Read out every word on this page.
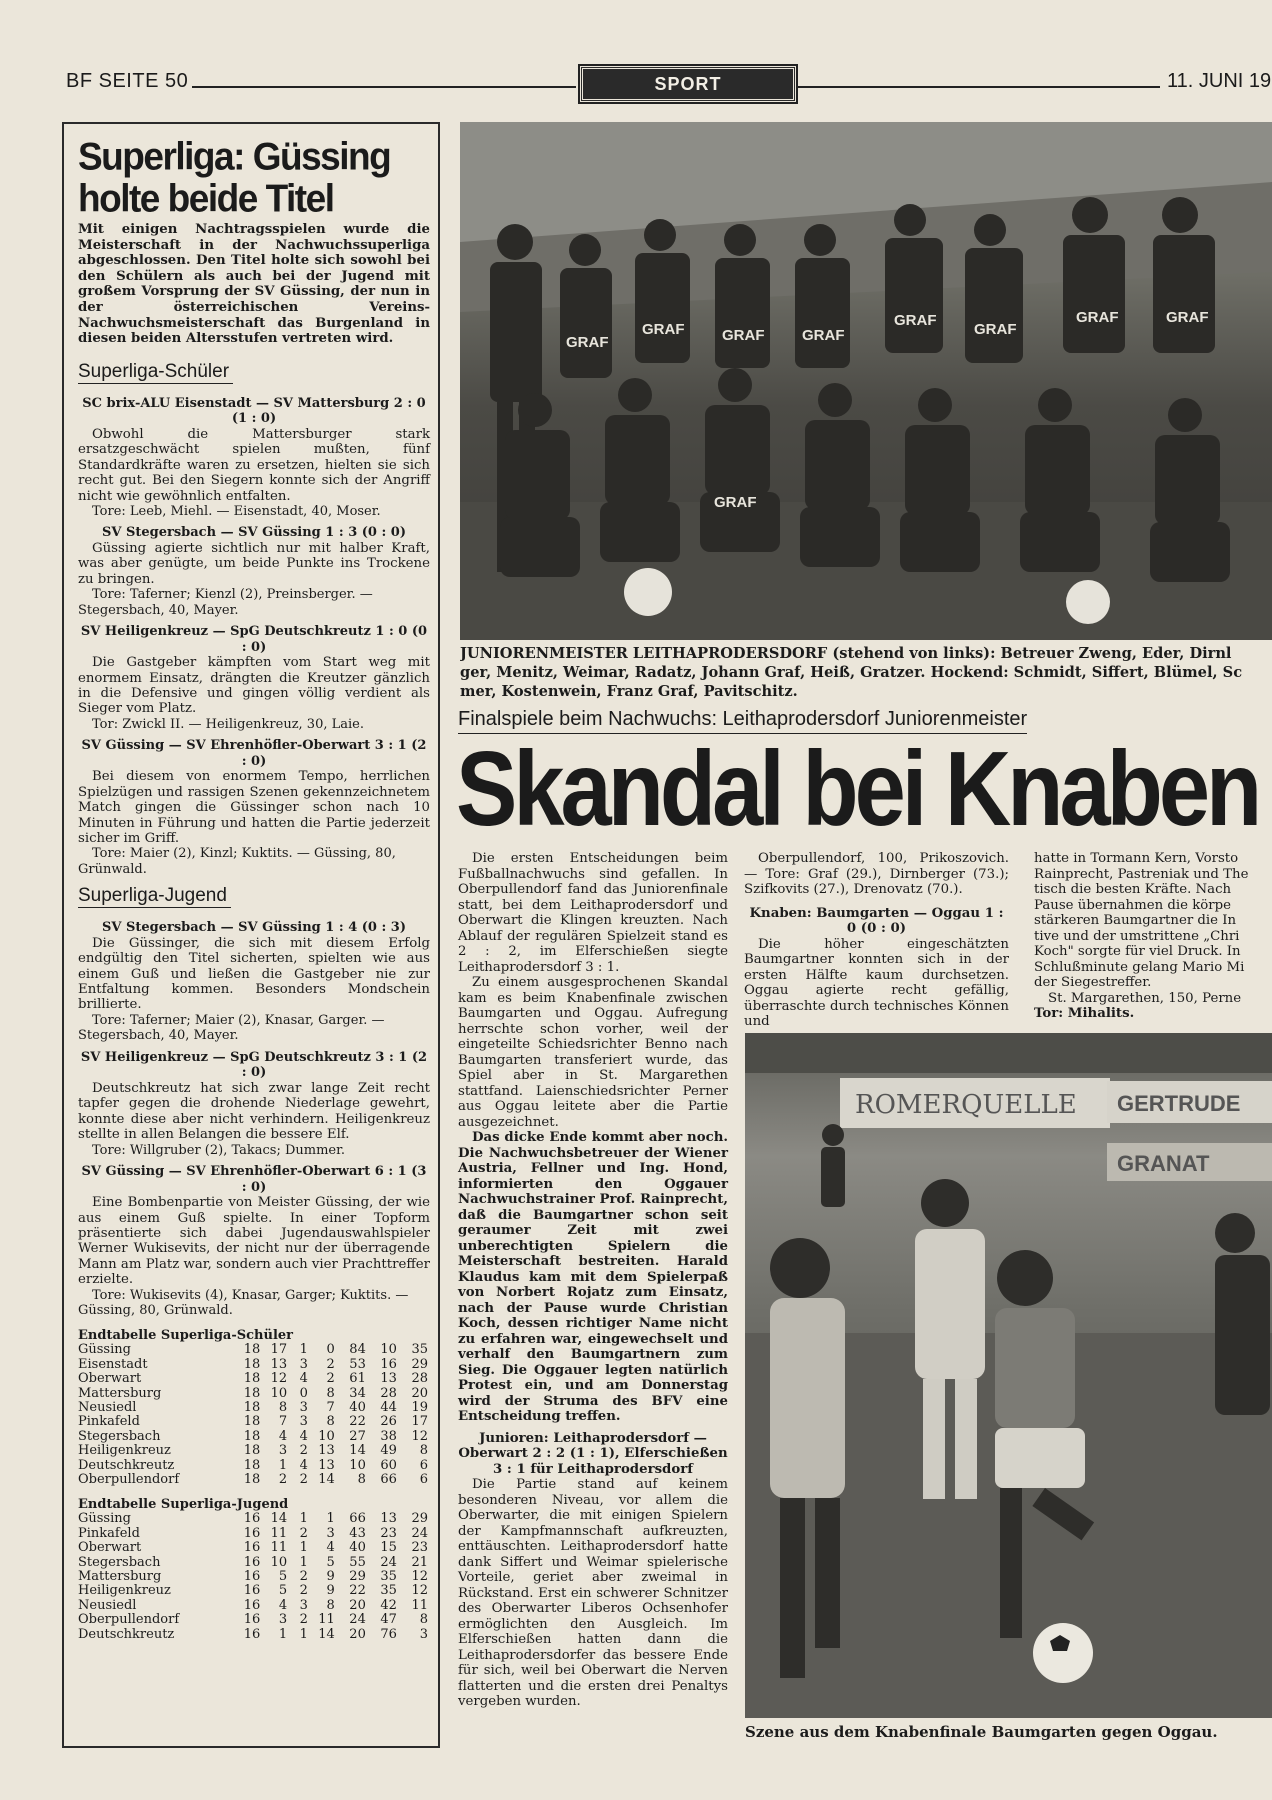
BF SEITE 50	SPORT	11. JUNI 19
Superliga: Güssing
holte beide Titel
Mit einigen Nachtragsspielen wurde die Meisterschaft in der Nachwuchssuperliga abgeschlossen. Den Titel holte sich sowohl bei den Schülern als auch bei der Jugend mit großem Vorsprung der SV Güssing, der nun in der österreichischen Vereins-Nachwuchsmeisterschaft das Burgenland in diesen beiden Altersstufen vertreten wird.
Superliga-Schüler
SC brix-ALU Eisenstadt — SV Mattersburg 2 : 0 (1 : 0)
Obwohl die Mattersburger stark ersatzgeschwächt spielen mußten, fünf Standardkräfte waren zu ersetzen, hielten sie sich recht gut. Bei den Siegern konnte sich der Angriff nicht wie gewöhnlich entfalten.
Tore: Leeb, Miehl. — Eisenstadt, 40, Moser.
SV Stegersbach — SV Güssing 1 : 3 (0 : 0)
Güssing agierte sichtlich nur mit halber Kraft, was aber genügte, um beide Punkte ins Trockene zu bringen.
Tore: Taferner; Kienzl (2), Preinsberger. — Stegersbach, 40, Mayer.
SV Heiligenkreuz — SpG Deutschkreutz 1 : 0 (0 : 0)
Die Gastgeber kämpften vom Start weg mit enormem Einsatz, drängten die Kreutzer gänzlich in die Defensive und gingen völlig verdient als Sieger vom Platz.
Tor: Zwickl II. — Heiligenkreuz, 30, Laie.
SV Güssing — SV Ehrenhöfler-Oberwart 3 : 1 (2 : 0)
Bei diesem von enormem Tempo, herrlichen Spielzügen und rassigen Szenen gekennzeichnetem Match gingen die Güssinger schon nach 10 Minuten in Führung und hatten die Partie jederzeit sicher im Griff.
Tore: Maier (2), Kinzl; Kuktits. — Güssing, 80, Grünwald.
Superliga-Jugend
SV Stegersbach — SV Güssing 1 : 4 (0 : 3)
Die Güssinger, die sich mit diesem Erfolg endgültig den Titel sicherten, spielten wie aus einem Guß und ließen die Gastgeber nie zur Entfaltung kommen. Besonders Mondschein brillierte.
Tore: Taferner; Maier (2), Knasar, Garger. — Stegersbach, 40, Mayer.
SV Heiligenkreuz — SpG Deutschkreutz 3 : 1 (2 : 0)
Deutschkreutz hat sich zwar lange Zeit recht tapfer gegen die drohende Niederlage gewehrt, konnte diese aber nicht verhindern. Heiligenkreuz stellte in allen Belangen die bessere Elf.
Tore: Willgruber (2), Takacs; Dummer.
SV Güssing — SV Ehrenhöfler-Oberwart 6 : 1 (3 : 0)
Eine Bombenpartie von Meister Güssing, der wie aus einem Guß spielte. In einer Topform präsentierte sich dabei Jugendauswahlspieler Werner Wukisevits, der nicht nur der überragende Mann am Platz war, sondern auch vier Prachttreffer erzielte.
Tore: Wukisevits (4), Knasar, Garger; Kuktits. — Güssing, 80, Grünwald.
Endtabelle Superliga-Schüler
Güssing	18	17	1	0	84	10	35
Eisenstadt	18	13	3	2	53	16	29
Oberwart	18	12	4	2	61	13	28
Mattersburg	18	10	0	8	34	28	20
Neusiedl	18	8	3	7	40	44	19
Pinkafeld	18	7	3	8	22	26	17
Stegersbach	18	4	4	10	27	38	12
Heiligenkreuz	18	3	2	13	14	49	8
Deutschkreutz	18	1	4	13	10	60	6
Oberpullendorf	18	2	2	14	8	66	6
Endtabelle Superliga-Jugend
Güssing	16	14	1	1	66	13	29
Pinkafeld	16	11	2	3	43	23	24
Oberwart	16	11	1	4	40	15	23
Stegersbach	16	10	1	5	55	24	21
Mattersburg	16	5	2	9	29	35	12
Heiligenkreuz	16	5	2	9	22	35	12
Neusiedl	16	4	3	8	20	42	11
Oberpullendorf	16	3	2	11	24	47	8
Deutschkreutz	16	1	1	14	20	76	3
GRAF
GRAF	GRAF	GRAF
GRAF
GRAF
GRAF	GRAF
GRAF
JUNIORENMEISTER LEITHAPRODERSDORF (stehend von links): Betreuer Zweng, Eder, Dirnl
ger, Menitz, Weimar, Radatz, Johann Graf, Heiß, Gratzer. Hockend: Schmidt, Siffert, Blümel, Sc
mer, Kostenwein, Franz Graf, Pavitschitz.
Finalspiele beim Nachwuchs: Leithaprodersdorf Juniorenmeister
Skandal bei Knaben

Die ersten Entscheidungen beim Fußballnachwuchs sind gefallen. In Oberpullendorf fand das Juniorenfinale statt, bei dem Leithaprodersdorf und Oberwart die Klingen kreuzten. Nach Ablauf der regulären Spielzeit stand es 2 : 2, im Elferschießen siegte Leithaprodersdorf 3 : 1.

Zu einem ausgesprochenen Skandal kam es beim Knabenfinale zwischen Baumgarten und Oggau. Aufregung herrschte schon vorher, weil der eingeteilte Schiedsrichter Benno nach Baumgarten transferiert wurde, das Spiel aber in St. Margarethen stattfand. Laienschiedsrichter Perner aus Oggau leitete aber die Partie ausgezeichnet.

Das dicke Ende kommt aber noch. Die Nachwuchsbetreuer der Wiener Austria, Fellner und Ing. Hond, informierten den Oggauer Nachwuchstrainer Prof. Rainprecht, daß die Baumgartner schon seit geraumer Zeit mit zwei unberechtigten Spielern die Meisterschaft bestreiten. Harald Klaudus kam mit dem Spielerpaß von Norbert Rojatz zum Einsatz, nach der Pause wurde Christian Koch, dessen richtiger Name nicht zu erfahren war, eingewechselt und verhalf den Baumgartnern zum Sieg. Die Oggauer legten natürlich Protest ein, und am Donnerstag wird der Struma des BFV eine Entscheidung treffen.

Junioren: Leithaprodersdorf — Oberwart 2 : 2 (1 : 1), Elferschießen 3 : 1 für Leithaprodersdorf

Die Partie stand auf keinem besonderen Niveau, vor allem die Oberwarter, die mit einigen Spielern der Kampfmannschaft aufkreuzten, enttäuschten. Leithaprodersdorf hatte dank Siffert und Weimar spielerische Vorteile, geriet aber zweimal in Rückstand. Erst ein schwerer Schnitzer des Oberwarter Liberos Ochsenhofer ermöglichten den Ausgleich. Im Elferschießen hatten dann die Leithaprodersdorfer das bessere Ende für sich, weil bei Oberwart die Nerven flatterten und die ersten drei Penaltys vergeben wurden.

Oberpullendorf, 100, Prikoszovich. — Tore: Graf (29.), Dirnberger (73.); Szifkovits (27.), Drenovatz (70.).

Knaben: Baumgarten — Oggau 1 : 0 (0 : 0)

Die höher eingeschätzten Baumgartner konnten sich in der ersten Hälfte kaum durchsetzen. Oggau agierte recht gefällig, überraschte durch technisches Können und

hatte in Tormann Kern, Vorsto

Rainprecht, Pastreniak und The

tisch die besten Kräfte. Nach

Pause übernahmen die körpe

stärkeren Baumgartner die In

tive und der umstrittene „Chri

Koch" sorgte für viel Druck. In

Schlußminute gelang Mario Mi

der Siegestreffer.

St. Margarethen, 150, Perne

Tor: Mihalits.

ROMERQUELLE GERTRUDE
GRANAT
Szene aus dem Knabenfinale Baumgarten gegen Oggau.
